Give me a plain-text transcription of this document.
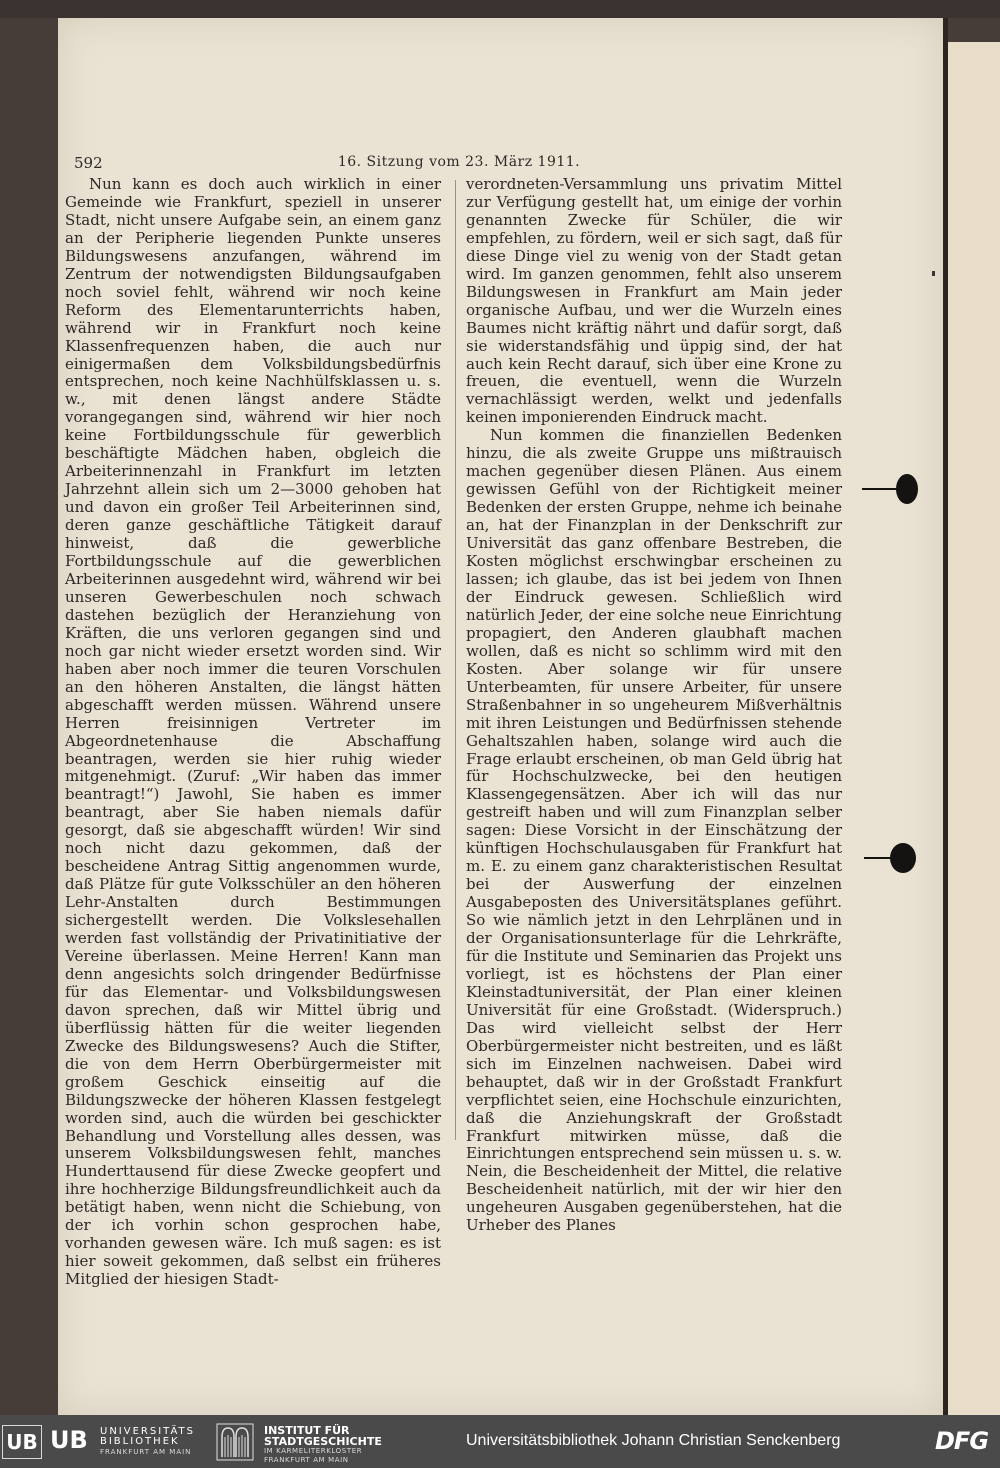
592	16. Sitzung vom 23. März 1911.

Nun kann es doch auch wirklich in einer Gemeinde wie Frankfurt, speziell in unserer Stadt, nicht unsere Aufgabe sein, an einem ganz an der Peripherie liegenden Punkte unseres Bildungswesens anzufangen, während im Zentrum der notwendigsten Bildungsaufgaben noch soviel fehlt, während wir noch keine Reform des Elementarunterrichts haben, während wir in Frankfurt noch keine Klassenfrequenzen haben, die auch nur einigermaßen dem Volksbildungsbedürfnis entsprechen, noch keine Nachhülfsklassen u. s. w., mit denen längst andere Städte vorangegangen sind, während wir hier noch keine Fortbildungsschule für gewerblich beschäftigte Mädchen haben, obgleich die Arbeiterinnenzahl in Frankfurt im letzten Jahrzehnt allein sich um 2—3000 gehoben hat und davon ein großer Teil Arbeiterinnen sind, deren ganze geschäftliche Tätigkeit darauf hinweist, daß die gewerbliche Fortbildungsschule auf die gewerblichen Arbeiterinnen ausgedehnt wird, während wir bei unseren Gewerbeschulen noch schwach dastehen bezüglich der Heranziehung von Kräften, die uns verloren gegangen sind und noch gar nicht wieder ersetzt worden sind. Wir haben aber noch immer die teuren Vorschulen an den höheren Anstalten, die längst hätten abgeschafft werden müssen. Während unsere Herren freisinnigen Vertreter im Abgeordnetenhause die Abschaffung beantragen, werden sie hier ruhig wieder mitgenehmigt. (Zuruf: „Wir haben das immer beantragt!“) Jawohl, Sie haben es immer beantragt, aber Sie haben niemals dafür gesorgt, daß sie abgeschafft würden! Wir sind noch nicht dazu gekommen, daß der bescheidene Antrag Sittig angenommen wurde, daß Plätze für gute Volksschüler an den höheren Lehr-Anstalten durch Bestimmungen sichergestellt werden. Die Volkslesehallen werden fast vollständig der Privatinitiative der Vereine überlassen. Meine Herren! Kann man denn angesichts solch dringender Bedürfnisse für das Elementar- und Volksbildungswesen davon sprechen, daß wir Mittel übrig und überflüssig hätten für die weiter liegenden Zwecke des Bildungswesens? Auch die Stifter, die von dem Herrn Oberbürgermeister mit großem Geschick einseitig auf die Bildungszwecke der höheren Klassen festgelegt worden sind, auch die würden bei geschickter Behandlung und Vorstellung alles dessen, was unserem Volksbildungswesen fehlt, manches Hunderttausend für diese Zwecke geopfert und ihre hochherzige Bildungsfreundlichkeit auch da betätigt haben, wenn nicht die Schiebung, von der ich vorhin schon gesprochen habe, vorhanden gewesen wäre. Ich muß sagen: es ist hier soweit gekommen, daß selbst ein früheres Mitglied der hiesigen Stadt-

verordneten-Versammlung uns privatim Mittel zur Verfügung gestellt hat, um einige der vorhin genannten Zwecke für Schüler, die wir empfehlen, zu fördern, weil er sich sagt, daß für diese Dinge viel zu wenig von der Stadt getan wird. Im ganzen genommen, fehlt also unserem Bildungswesen in Frankfurt am Main jeder organische Aufbau, und wer die Wurzeln eines Baumes nicht kräftig nährt und dafür sorgt, daß sie widerstandsfähig und üppig sind, der hat auch kein Recht darauf, sich über eine Krone zu freuen, die eventuell, wenn die Wurzeln vernachlässigt werden, welkt und jedenfalls keinen imponierenden Eindruck macht.

Nun kommen die finanziellen Bedenken hinzu, die als zweite Gruppe uns mißtrauisch machen gegenüber diesen Plänen. Aus einem gewissen Gefühl von der Richtigkeit meiner Bedenken der ersten Gruppe, nehme ich beinahe an, hat der Finanzplan in der Denkschrift zur Universität das ganz offenbare Bestreben, die Kosten möglichst erschwingbar erscheinen zu lassen; ich glaube, das ist bei jedem von Ihnen der Eindruck gewesen. Schließlich wird natürlich Jeder, der eine solche neue Einrichtung propagiert, den Anderen glaubhaft machen wollen, daß es nicht so schlimm wird mit den Kosten. Aber solange wir für unsere Unterbeamten, für unsere Arbeiter, für unsere Straßenbahner in so ungeheurem Mißverhältnis mit ihren Leistungen und Bedürfnissen stehende Gehaltszahlen haben, solange wird auch die Frage erlaubt erscheinen, ob man Geld übrig hat für Hochschulzwecke, bei den heutigen Klassengegensätzen. Aber ich will das nur gestreift haben und will zum Finanzplan selber sagen: Diese Vorsicht in der Einschätzung der künftigen Hochschulausgaben für Frankfurt hat m. E. zu einem ganz charakteristischen Resultat bei der Auswerfung der einzelnen Ausgabeposten des Universitätsplanes geführt. So wie nämlich jetzt in den Lehrplänen und in der Organisationsunterlage für die Lehrkräfte, für die Institute und Seminarien das Projekt uns vorliegt, ist es höchstens der Plan einer Kleinstadtuniversität, der Plan einer kleinen Universität für eine Großstadt. (Widerspruch.) Das wird vielleicht selbst der Herr Oberbürgermeister nicht bestreiten, und es läßt sich im Einzelnen nachweisen. Dabei wird behauptet, daß wir in der Großstadt Frankfurt verpflichtet seien, eine Hochschule einzurichten, daß die Anziehungskraft der Großstadt Frankfurt mitwirken müsse, daß die Einrichtungen entsprechend sein müssen u. s. w. Nein, die Bescheidenheit der Mittel, die relative Bescheidenheit natürlich, mit der wir hier den ungeheuren Ausgaben gegenüberstehen, hat die Urheber des Planes

UB UB UNIVERSITÄTS
BIBLIOTHEK
FRANKFURT AM MAIN
INSTITUT FÜR
STADTGESCHICHTE
IM KARMELITERKLOSTER
FRANKFURT AM MAIN
Universitätsbibliothek Johann Christian Senckenberg	DFG
